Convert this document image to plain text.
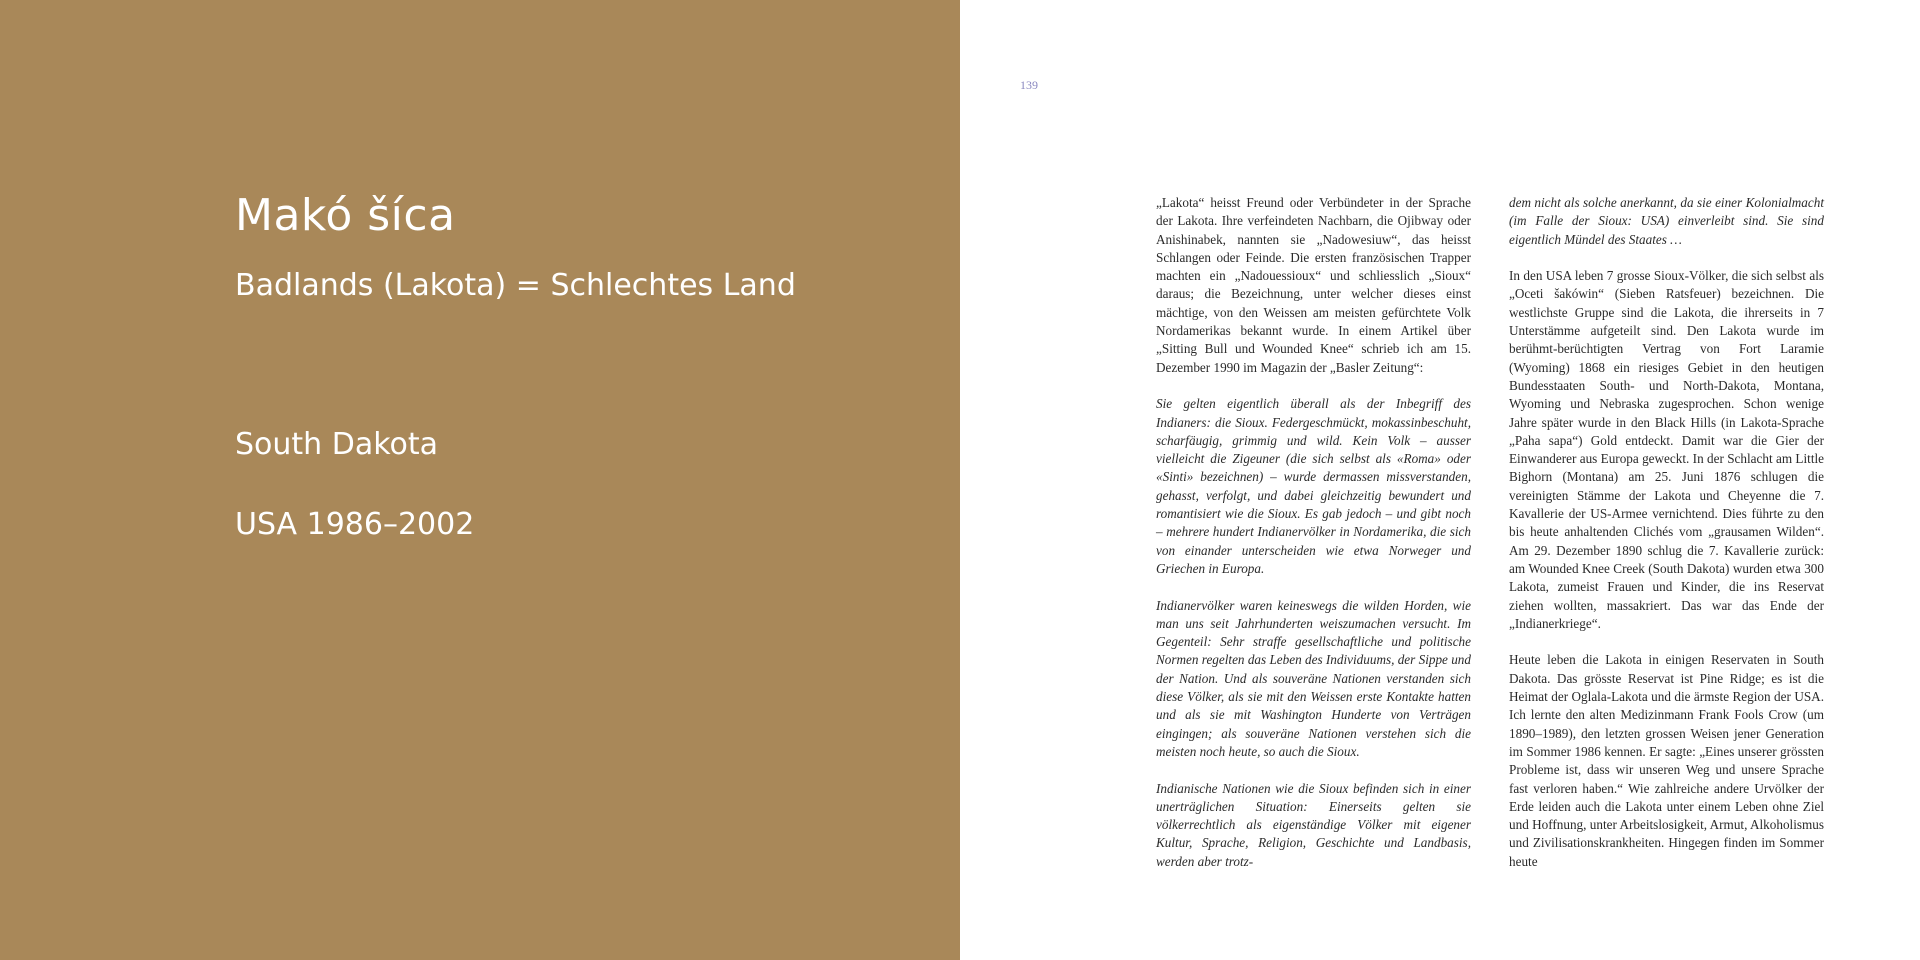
Makó šíca
Badlands (Lakota) = Schlechtes Land
South Dakota
USA 1986–2002
139

„Lakota“ heisst Freund oder Verbündeter in der Sprache der Lakota. Ihre verfeindeten Nachbarn, die Ojibway oder Anishinabek, nannten sie „Nadowesiuw“, das heisst Schlangen oder Feinde. Die ersten französischen Trapper machten ein „Nadouessioux“ und schliesslich „Sioux“ daraus; die Bezeichnung, unter welcher dieses einst mächtige, von den Weissen am meisten gefürchtete Volk Nordamerikas bekannt wurde. In einem Artikel über „Sitting Bull und Wounded Knee“ schrieb ich am 15. Dezember 1990 im Magazin der „Basler Zeitung“:

Sie gelten eigentlich überall als der Inbegriff des Indianers: die Sioux. Federgeschmückt, mokassinbeschuht, scharfäugig, grimmig und wild. Kein Volk – ausser vielleicht die Zigeuner (die sich selbst als «Roma» oder «Sinti» bezeichnen) – wurde dermassen missverstanden, gehasst, verfolgt, und dabei gleichzeitig bewundert und romantisiert wie die Sioux. Es gab jedoch – und gibt noch – mehrere hundert Indianervölker in Nordamerika, die sich von einander unterscheiden wie etwa Norweger und Griechen in Europa.

Indianervölker waren keineswegs die wilden Horden, wie man uns seit Jahrhunderten weiszumachen versucht. Im Gegenteil: Sehr straffe gesellschaftliche und politische Normen regelten das Leben des Individuums, der Sippe und der Nation. Und als souveräne Nationen verstanden sich diese Völker, als sie mit den Weissen erste Kontakte hatten und als sie mit Washington Hunderte von Verträgen eingingen; als souveräne Nationen verstehen sich die meisten noch heute, so auch die Sioux.

Indianische Nationen wie die Sioux befinden sich in einer unerträglichen Situation: Einerseits gelten sie völkerrechtlich als eigenständige Völker mit eigener Kultur, Sprache, Religion, Geschichte und Landbasis, werden aber trotz-

dem nicht als solche anerkannt, da sie einer Kolonialmacht (im Falle der Sioux: USA) einverleibt sind. Sie sind eigentlich Mündel des Staates …

In den USA leben 7 grosse Sioux-Völker, die sich selbst als „Oceti šakówin“ (Sieben Ratsfeuer) bezeichnen. Die westlichste Gruppe sind die Lakota, die ihrerseits in 7 Unterstämme aufgeteilt sind. Den Lakota wurde im berühmt-berüchtigten Vertrag von Fort Laramie (Wyoming) 1868 ein riesiges Gebiet in den heutigen Bundesstaaten South- und North-Dakota, Montana, Wyoming und Nebraska zugesprochen. Schon wenige Jahre später wurde in den Black Hills (in Lakota-Sprache „Paha sapa“) Gold entdeckt. Damit war die Gier der Einwanderer aus Europa geweckt. In der Schlacht am Little Bighorn (Montana) am 25. Juni 1876 schlugen die vereinigten Stämme der Lakota und Cheyenne die 7. Kavallerie der US-Armee vernichtend. Dies führte zu den bis heute anhaltenden Clichés vom „grausamen Wilden“. Am 29. Dezember 1890 schlug die 7. Kavallerie zurück: am Wounded Knee Creek (South Dakota) wurden etwa 300 Lakota, zumeist Frauen und Kinder, die ins Reservat ziehen wollten, massakriert. Das war das Ende der „Indianerkriege“.

Heute leben die Lakota in einigen Reservaten in South Dakota. Das grösste Reservat ist Pine Ridge; es ist die Heimat der Oglala-Lakota und die ärmste Region der USA. Ich lernte den alten Medizinmann Frank Fools Crow (um 1890–1989), den letzten grossen Weisen jener Generation im Sommer 1986 kennen. Er sagte: „Eines unserer grössten Probleme ist, dass wir unseren Weg und unsere Sprache fast verloren haben.“ Wie zahlreiche andere Urvölker der Erde leiden auch die Lakota unter einem Leben ohne Ziel und Hoffnung, unter Arbeitslosigkeit, Armut, Alkoholismus und Zivilisationskrankheiten. Hingegen finden im Sommer heute
